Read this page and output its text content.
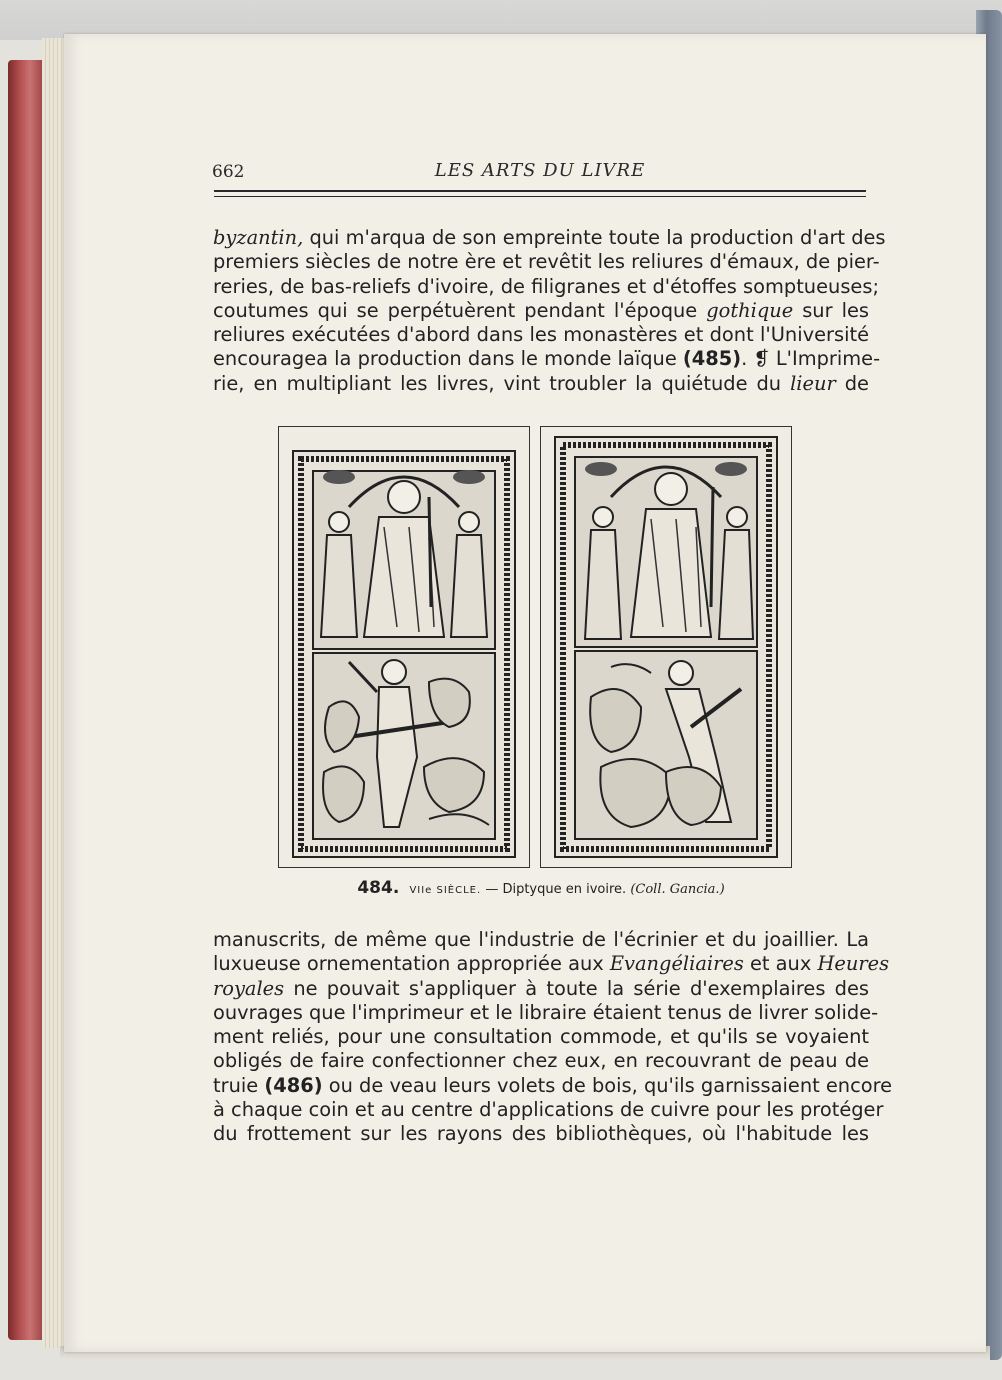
662	LES ARTS DU LIVRE
byzantin, qui m'arqua de son empreinte toute la production d'art des
premiers siècles de notre ère et revêtit les reliures d'émaux, de pier-
reries, de bas-reliefs d'ivoire, de filigranes et d'étoffes somptueuses;
coutumes qui se perpétuèrent pendant l'époque gothique sur les
reliures exécutées d'abord dans les monastères et dont l'Université
encouragea la production dans le monde laïque (485). ❡ L'Imprime-
rie, en multipliant les livres, vint troubler la quiétude du lieur de
484. VIIe SIÈCLE. — Diptyque en ivoire. (Coll. Gancia.)
manuscrits, de même que l'industrie de l'écrinier et du joaillier. La
luxueuse ornementation appropriée aux Evangéliaires et aux Heures
royales ne pouvait s'appliquer à toute la série d'exemplaires des
ouvrages que l'imprimeur et le libraire étaient tenus de livrer solide-
ment reliés, pour une consultation commode, et qu'ils se voyaient
obligés de faire confectionner chez eux, en recouvrant de peau de
truie (486) ou de veau leurs volets de bois, qu'ils garnissaient encore
à chaque coin et au centre d'applications de cuivre pour les protéger
du frottement sur les rayons des bibliothèques, où l'habitude les
